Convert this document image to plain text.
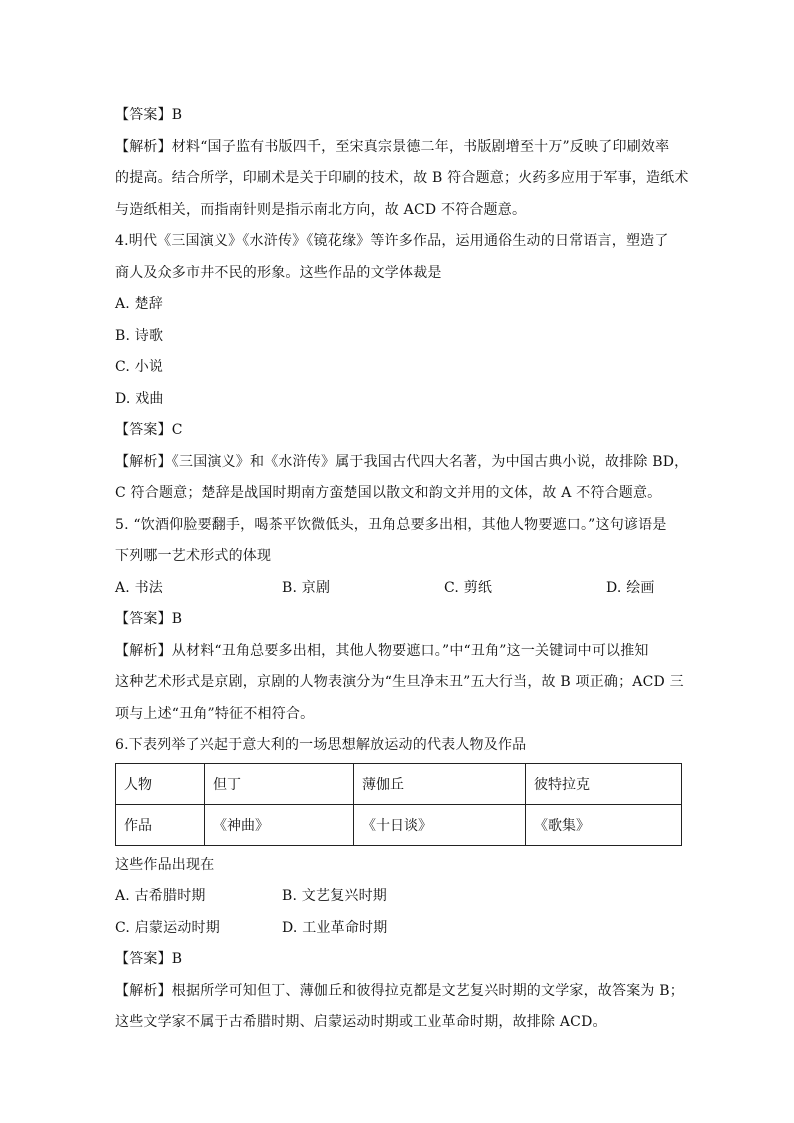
【答案】B
【解析】材料“国子监有书版四千，至宋真宗景德二年，书版剧增至十万”反映了印刷效率
的提高。结合所学，印刷术是关于印刷的技术，故 B 符合题意；火药多应用于军事，造纸术
与造纸相关，而指南针则是指示南北方向，故 ACD 不符合题意。
4.明代《三国演义》《水浒传》《镜花缘》等许多作品，运用通俗生动的日常语言，塑造了
商人及众多市井不民的形象。这些作品的文学体裁是
A. 楚辞
B. 诗歌
C. 小说
D. 戏曲
【答案】C
【解析】《三国演义》和《水浒传》属于我国古代四大名著，为中国古典小说，故排除 BD，
C 符合题意；楚辞是战国时期南方蛮楚国以散文和韵文并用的文体，故 A 不符合题意。
5. “饮酒仰脸要翻手，喝茶平饮微低头，丑角总要多出相，其他人物要遮口。”这句谚语是
下列哪一艺术形式的体现
A. 书法	B. 京剧	C. 剪纸	D. 绘画
【答案】B
【解析】从材料“丑角总要多出相，其他人物要遮口。”中“丑角”这一关键词中可以推知
这种艺术形式是京剧，京剧的人物表演分为“生旦净末丑”五大行当，故 B 项正确；ACD 三
项与上述“丑角”特征不相符合。
6.下表列举了兴起于意大利的一场思想解放运动的代表人物及作品
人物	但丁	薄伽丘	彼特拉克
作品	《神曲》	《十日谈》	《歌集》
这些作品出现在
A. 古希腊时期	B. 文艺复兴时期
C. 启蒙运动时期	D. 工业革命时期
【答案】B
【解析】根据所学可知但丁、薄伽丘和彼得拉克都是文艺复兴时期的文学家，故答案为 B；
这些文学家不属于古希腊时期、启蒙运动时期或工业革命时期，故排除 ACD。
